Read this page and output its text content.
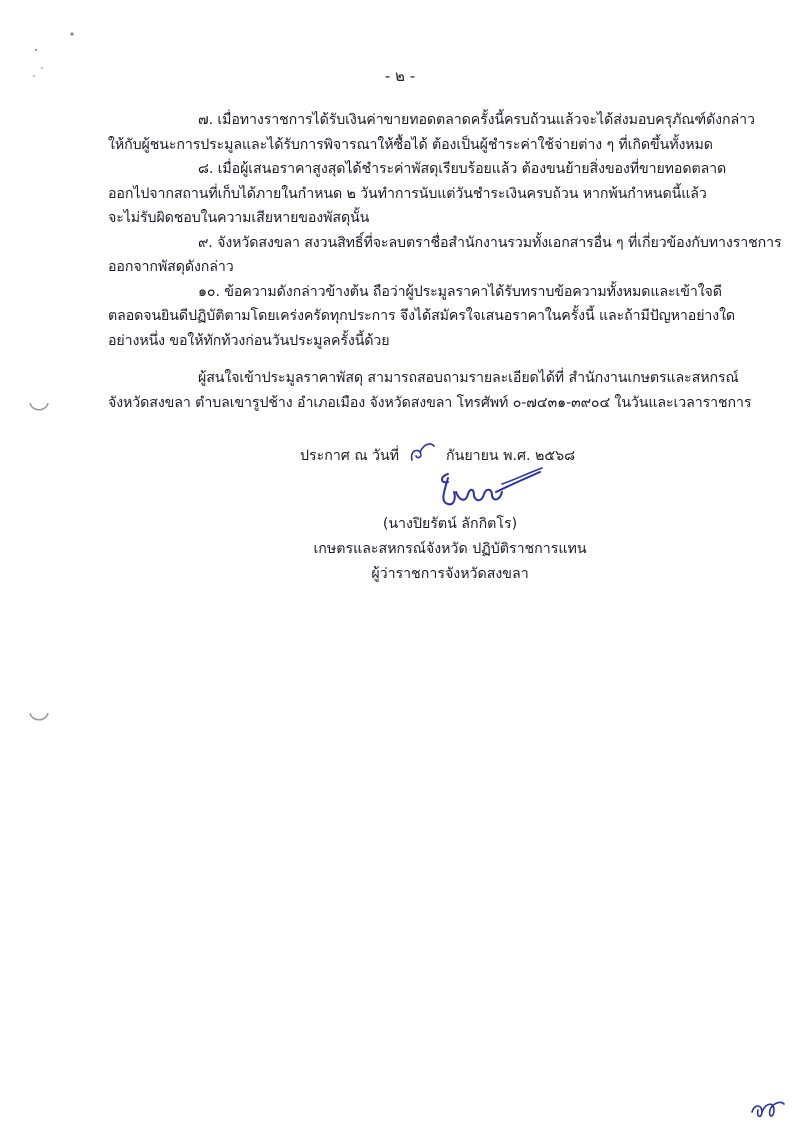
- ๒ -

๗. เมื่อทางราชการได้รับเงินค่าขายทอดตลาดครั้งนี้ครบถ้วนแล้วจะได้ส่งมอบครุภัณฑ์ดังกล่าว
ให้กับผู้ชนะการประมูลและได้รับการพิจารณาให้ซื้อได้ ต้องเป็นผู้ชำระค่าใช้จ่ายต่าง ๆ ที่เกิดขึ้นทั้งหมด

๘. เมื่อผู้เสนอราคาสูงสุดได้ชำระค่าพัสดุเรียบร้อยแล้ว ต้องขนย้ายสิ่งของที่ขายทอดตลาด
ออกไปจากสถานที่เก็บได้ภายในกำหนด ๒ วันทำการนับแต่วันชำระเงินครบถ้วน หากพ้นกำหนดนี้แล้ว
จะไม่รับผิดชอบในความเสียหายของพัสดุนั้น

๙. จังหวัดสงขลา สงวนสิทธิ์ที่จะลบตราชื่อสำนักงานรวมทั้งเอกสารอื่น ๆ ที่เกี่ยวข้องกับทางราชการ
ออกจากพัสดุดังกล่าว

๑๐. ข้อความดังกล่าวข้างต้น ถือว่าผู้ประมูลราคาได้รับทราบข้อความทั้งหมดและเข้าใจดี
ตลอดจนยินดีปฏิบัติตามโดยเคร่งครัดทุกประการ จึงได้สมัครใจเสนอราคาในครั้งนี้ และถ้ามีปัญหาอย่างใด
อย่างหนึ่ง ขอให้ทักท้วงก่อนวันประมูลครั้งนี้ด้วย

ผู้สนใจเข้าประมูลราคาพัสดุ สามารถสอบถามรายละเอียดได้ที่ สำนักงานเกษตรและสหกรณ์
จังหวัดสงขลา ตำบลเขารูปช้าง อำเภอเมือง จังหวัดสงขลา โทรศัพท์ ๐-๗๔๓๑-๓๙๐๔ ในวันและเวลาราชการ

ประกาศ ณ วันที่	กันยายน พ.ศ. ๒๕๖๘
(นางปิยรัตน์ ลักกิตโร)
เกษตรและสหกรณ์จังหวัด ปฏิบัติราชการแทน
ผู้ว่าราชการจังหวัดสงขลา
